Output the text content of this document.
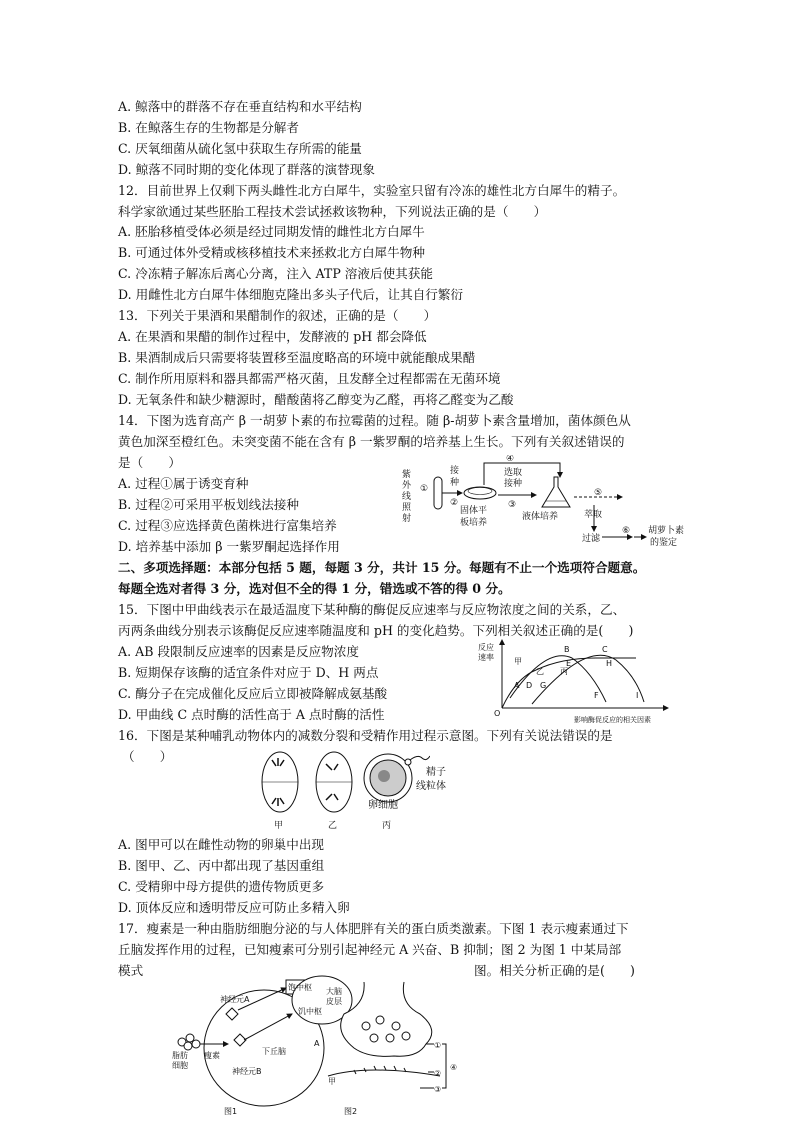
A. 鲸落中的群落不存在垂直结构和水平结构
B. 在鲸落生存的生物都是分解者
C. 厌氧细菌从硫化氢中获取生存所需的能量
D. 鲸落不同时期的变化体现了群落的演替现象
12．目前世界上仅剩下两头雌性北方白犀牛，实验室只留有冷冻的雄性北方白犀牛的精子。
科学家欲通过某些胚胎工程技术尝试拯救该物种，下列说法正确的是（　　）
A. 胚胎移植受体必须是经过同期发情的雌性北方白犀牛
B. 可通过体外受精或核移植技术来拯救北方白犀牛物种
C. 冷冻精子解冻后离心分离，注入 ATP 溶液后使其获能
D. 用雌性北方白犀牛体细胞克隆出多头子代后，让其自行繁衍
13．下列关于果酒和果醋制作的叙述，正确的是（　　）
A. 在果酒和果醋的制作过程中，发酵液的 pH 都会降低
B. 果酒制成后只需要将装置移至温度略高的环境中就能酿成果醋
C. 制作所用原料和器具都需严格灭菌，且发酵全过程都需在无菌环境
D. 无氧条件和缺少糖源时，醋酸菌将乙醇变为乙醛，再将乙醛变为乙酸
14．下图为选育高产 β 一胡萝卜素的布拉霉菌的过程。随 β-胡萝卜素含量增加，菌体颜色从
黄色加深至橙红色。未突变菌不能在含有 β 一紫罗酮的培养基上生长。下列有关叙述错误的
是（　　）
A. 过程①属于诱变育种
B. 过程②可采用平板划线法接种
C. 过程③应选择黄色菌株进行富集培养
D. 培养基中添加 β 一紫罗酮起选择作用
紫
外
线
照
射
①
接
种
②
固体平
板培养
④
选取
接种
③
液体培养
⑤
萃取
过滤
⑥ 胡萝卜素
的鉴定
二、多项选择题：本部分包括 5 题，每题 3 分，共计 15 分。每题有不止一个选项符合题意。
每题全选对者得 3 分，选对但不全的得 1 分，错选或不答的得 0 分。
15．下图中甲曲线表示在最适温度下某种酶的酶促反应速率与反应物浓度之间的关系，乙、
丙两条曲线分别表示该酶促反应速率随温度和 pH 的变化趋势。下列相关叙述正确的是(　　)
A. AB 段限制反应速率的因素是反应物浓度
B. 短期保存该酶的适宜条件对应于 D、H 两点
C. 酶分子在完成催化反应后立即被降解成氨基酸
D. 甲曲线 C 点时酶的活性高于 A 点时酶的活性
反应
速率
O
影响酶促反应的相关因素
甲
乙 丙
A
B	C
D
E
F
G
H
I
16．下图是某种哺乳动物体内的减数分裂和受精作用过程示意图。下列有关说法错误的是
（　　）
甲	乙	丙
精子
线粒体
卵细胞
A. 图甲可以在雌性动物的卵巢中出现
B. 图甲、乙、丙中都出现了基因重组
C. 受精卵中母方提供的遗传物质更多
D. 顶体反应和透明带反应可防止多精入卵
17．瘦素是一种由脂肪细胞分泌的与人体肥胖有关的蛋白质类激素。下图 1 表示瘦素通过下
丘脑发挥作用的过程，已知瘦素可分别引起神经元 A 兴奋、B 抑制；图 2 为图 1 中某局部
模式	图。相关分析正确的是(　　)
神经元A
神经元B
饱中枢 大脑
皮层
饥中枢
下丘脑
瘦素
脂肪
细胞
A
图1
①
②
③
④
甲
图2
